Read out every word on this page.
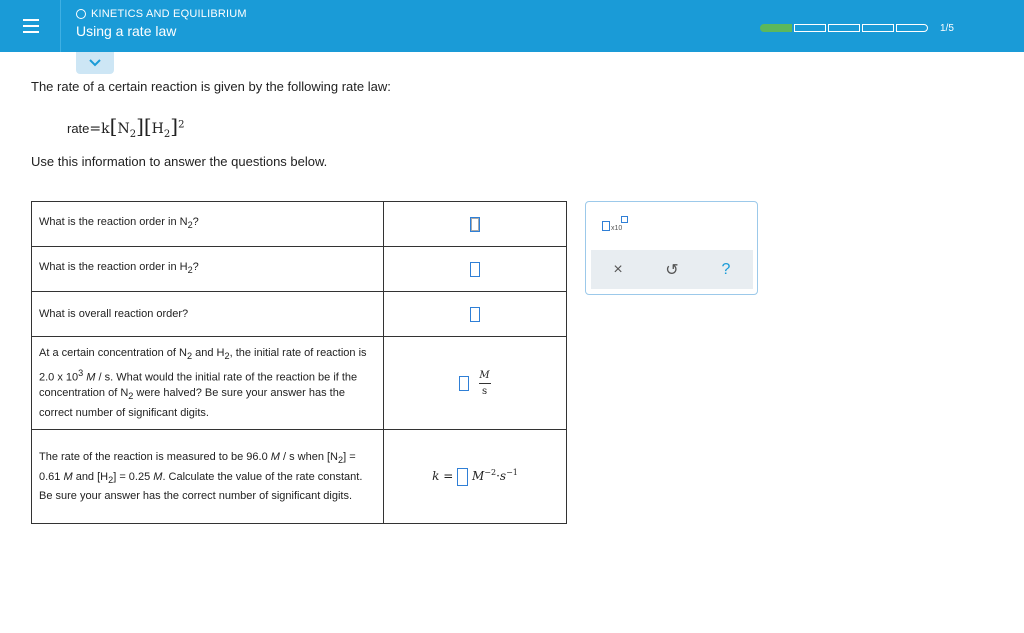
KINETICS AND EQUILIBRIUM
Using a rate law	1/5
The rate of a certain reaction is given by the following rate law:
$rate=k[N_2][H_2]^2$
Use this information to answer the questions below.
What is the reaction order in $N_2$?	
What is the reaction order in $H_2$?	
What is overall reaction order?	
At a certain concentration of $N_2$ and $H_2$, the initial rate of reaction is 2.0 x $10^3$ M / s. What would the initial rate of the reaction be if the concentration of $N_2$ were halved? Be sure your answer has the correct number of significant digits.	$\frac{M}{s}$

The rate of the reaction is measured to be 96.0 M / s when $[N_2] = 0.61$ M and $[H_2] = 0.25$ M. Calculate the value of the rate constant. Be sure your answer has the correct number of significant digits.	$k = M^{-2}\cdot s^{-1}$
x10
×	↺	?
